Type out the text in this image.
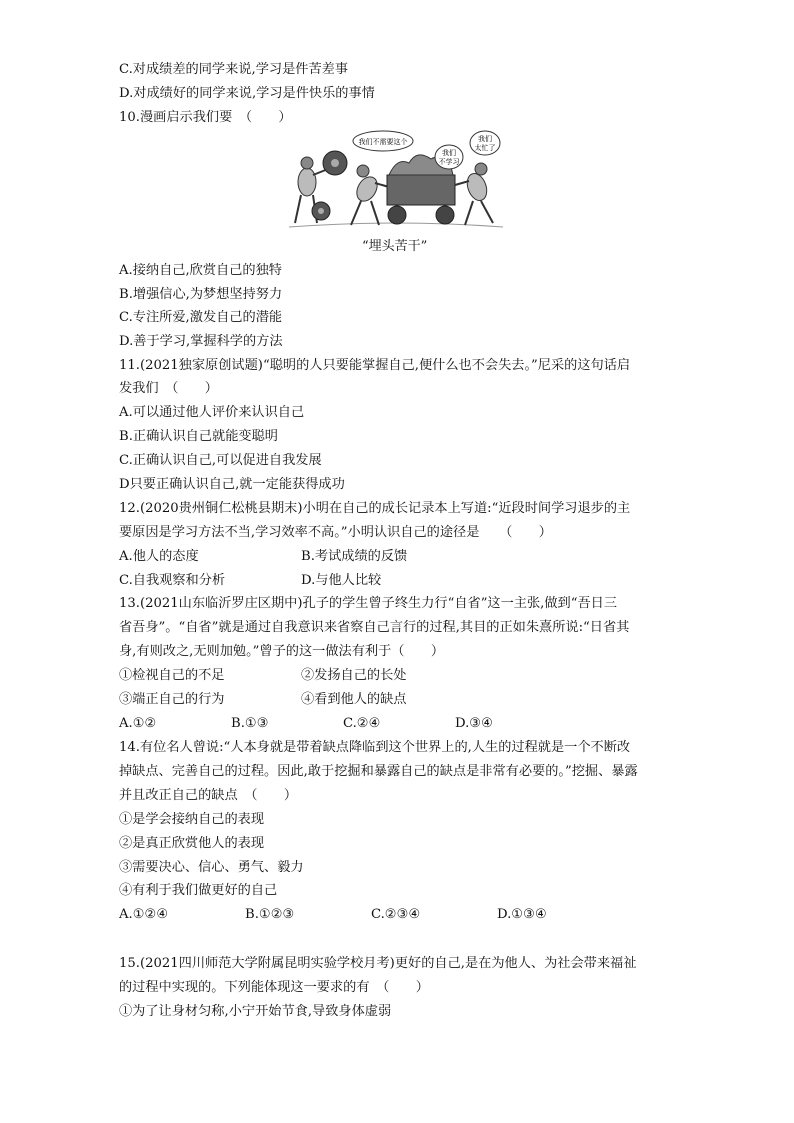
C.对成绩差的同学来说,学习是件苦差事
D.对成绩好的同学来说,学习是件快乐的事情
10.漫画启示我们要　（　　）
我们不需要这个
我们
不学习
我们
太忙了
“埋头苦干”
A.接纳自己,欣赏自己的独特
B.增强信心,为梦想坚持努力
C.专注所爱,激发自己的潜能
D.善于学习,掌握科学的方法
11.(2021独家原创试题)“聪明的人只要能掌握自己,便什么也不会失去。”尼采的这句话启
发我们　（　　）
A.可以通过他人评价来认识自己
B.正确认识自己就能变聪明
C.正确认识自己,可以促进自我发展
D只要正确认识自己,就一定能获得成功
12.(2020贵州铜仁松桃县期末)小明在自己的成长记录本上写道:“近段时间学习退步的主
要原因是学习方法不当,学习效率不高。”小明认识自己的途径是　　（　　）
A.他人的态度	B.考试成绩的反馈
C.自我观察和分析	D.与他人比较
13.(2021山东临沂罗庄区期中)孔子的学生曾子终生力行“自省”这一主张,做到“吾日三
省吾身”。“自省”就是通过自我意识来省察自己言行的过程,其目的正如朱熹所说:“日省其
身,有则改之,无则加勉。”曾子的这一做法有利于（　　）
①检视自己的不足	②发扬自己的长处
③端正自己的行为	④看到他人的缺点
A.①②	B.①③	C.②④	D.③④
14.有位名人曾说:“人本身就是带着缺点降临到这个世界上的,人生的过程就是一个不断改
掉缺点、完善自己的过程。因此,敢于挖掘和暴露自己的缺点是非常有必要的。”挖掘、暴露
并且改正自己的缺点　（　　）
①是学会接纳自己的表现
②是真正欣赏他人的表现
③需要决心、信心、勇气、毅力
④有利于我们做更好的自己
A.①②④	B.①②③	C.②③④	D.①③④
15.(2021四川师范大学附属昆明实验学校月考)更好的自己,是在为他人、为社会带来福祉
的过程中实现的。下列能体现这一要求的有　（　　）
①为了让身材匀称,小宁开始节食,导致身体虚弱
